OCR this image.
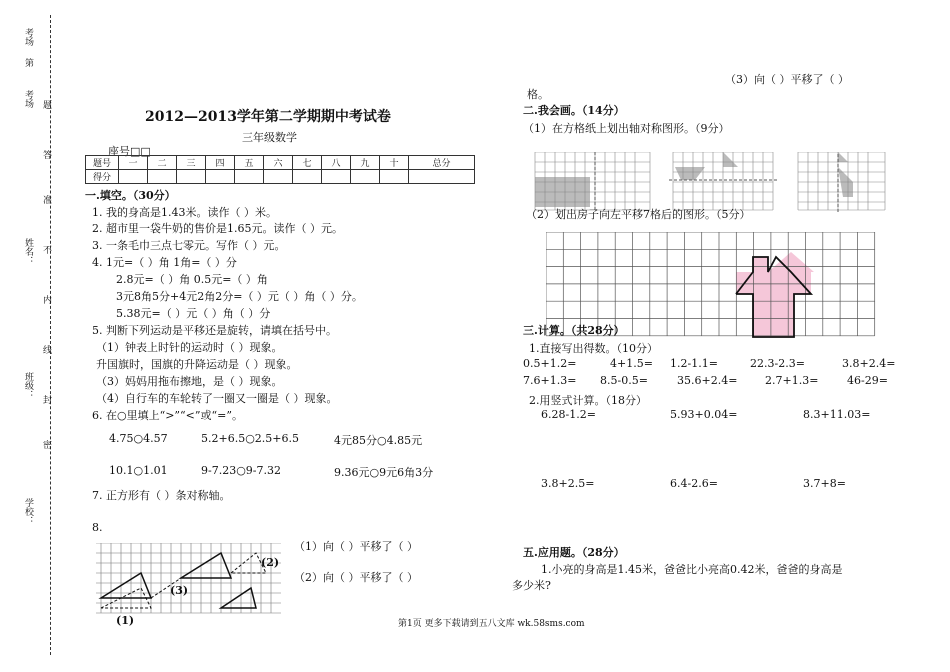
考场
第
考场 题
答
准
不
内
线
封
密
学校：
班级：
姓名：
2012—2013学年第二学期期中考试卷
三年级数学
座号□□
题号	一	二	三	四	五	六	七	八	九	十	总分
得分											
一.填空。（30分）
1. 我的身高是1.43米。读作（ ）米。
2. 超市里一袋牛奶的售价是1.65元。读作（ ）元。
3. 一条毛巾三点七零元。写作（ ）元。
4. 1元=（ ）角 1角=（ ）分
2.8元=（ ）角 0.5元=（ ）角
3元8角5分+4元2角2分=（ ）元（ ）角（ ）分。
5.38元=（ ）元（ ）角（ ）分
5. 判断下列运动是平移还是旋转，请填在括号中。
（1）钟表上时针的运动时（ ）现象。
升国旗时，国旗的升降运动是（ ）现象。
（3）妈妈用拖布擦地，是（ ）现象。
（4）自行车的车轮转了一圈又一圈是（ ）现象。
6. 在○里填上“>”“<”或“=”。
4.75○4.57	5.2+6.5○2.5+6.5	4元85分○4.85元
10.1○1.01	9-7.23○9-7.32	9.36元○9元6角3分
7. 正方形有（ ）条对称轴。
8.
（1）向（ ）平移了（ ）
（2）向（ ）平移了（ ）
(1)
(2)
(3)
（3）向（ ）平移了（ ）
格。
二.我会画。（14分）
（1）在方格纸上划出轴对称图形。（9分）
（2）划出房子向左平移7格后的图形。（5分）
三.计算。（共28分）
1.直接写出得数。（10分）
0.5+1.2=	4+1.5= 1.2-1.1=	22.3-2.3=	3.8+2.4=
7.6+1.3= 8.5-0.5=	35.6+2.4=	2.7+1.3=	46-29=
2.用竖式计算。（18分）
6.28-1.2=	5.93+0.04=	8.3+11.03=
3.8+2.5=	6.4-2.6=	3.7+8=
五.应用题。（28分）
1.小亮的身高是1.45米，爸爸比小亮高0.42米，爸爸的身高是
多少米?
第1页 更多下载请到五八文库 wk.58sms.com
